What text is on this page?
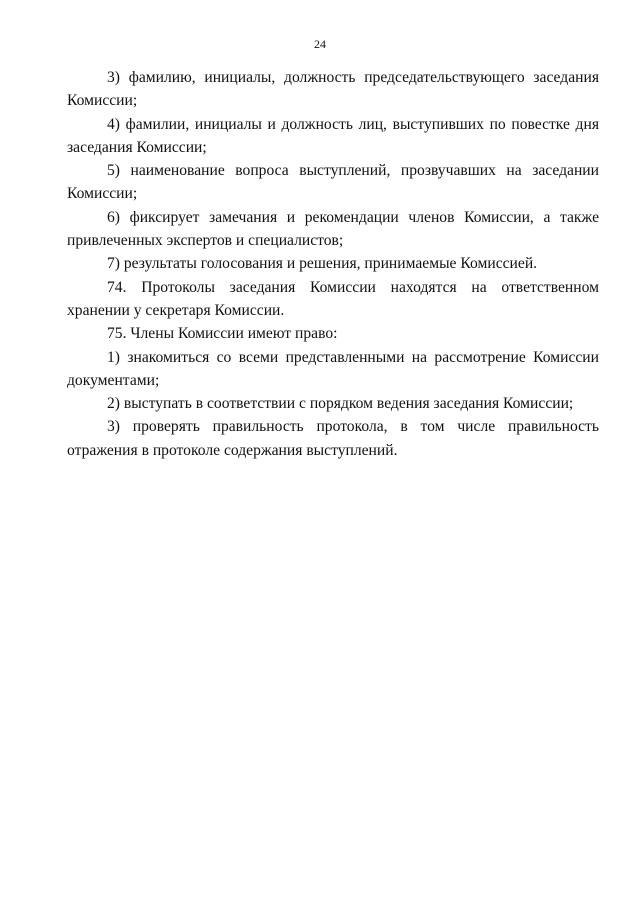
24

3) фамилию, инициалы, должность председательствующего заседания Комиссии;

4) фамилии, инициалы и должность лиц, выступивших по повестке дня заседания Комиссии;

5) наименование вопроса выступлений, прозвучавших на заседании Комиссии;

6) фиксирует замечания и рекомендации членов Комиссии, а также привлеченных экспертов и специалистов;

7) результаты голосования и решения, принимаемые Комиссией.

74. Протоколы заседания Комиссии находятся на ответственном хранении у секретаря Комиссии.

75. Члены Комиссии имеют право:

1) знакомиться со всеми представленными на рассмотрение Комиссии документами;

2) выступать в соответствии с порядком ведения заседания Комиссии;

3) проверять правильность протокола, в том числе правильность отражения в протоколе содержания выступлений.
